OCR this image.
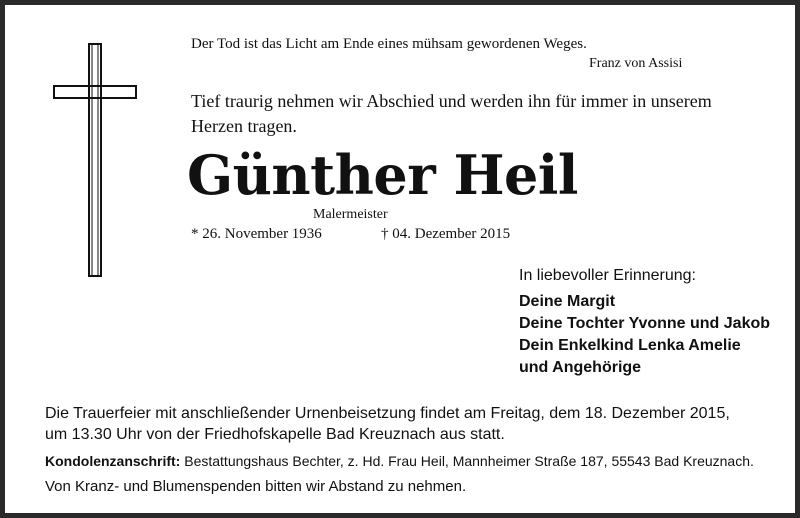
Der Tod ist das Licht am Ende eines mühsam gewordenen Weges.
Franz von Assisi
Tief traurig nehmen wir Abschied und werden ihn für immer in unserem Herzen tragen.
Günther Heil
Malermeister
* 26. November 1936	† 04. Dezember 2015
In liebevoller Erinnerung:
Deine Margit
Deine Tochter Yvonne und Jakob
Dein Enkelkind Lenka Amelie
und Angehörige
Die Trauerfeier mit anschließender Urnenbeisetzung findet am Freitag, dem 18. Dezember 2015,
um 13.30 Uhr von der Friedhofskapelle Bad Kreuznach aus statt.
Kondolenzanschrift: Bestattungshaus Bechter, z. Hd. Frau Heil, Mannheimer Straße 187, 55543 Bad Kreuznach.
Von Kranz- und Blumenspenden bitten wir Abstand zu nehmen.
